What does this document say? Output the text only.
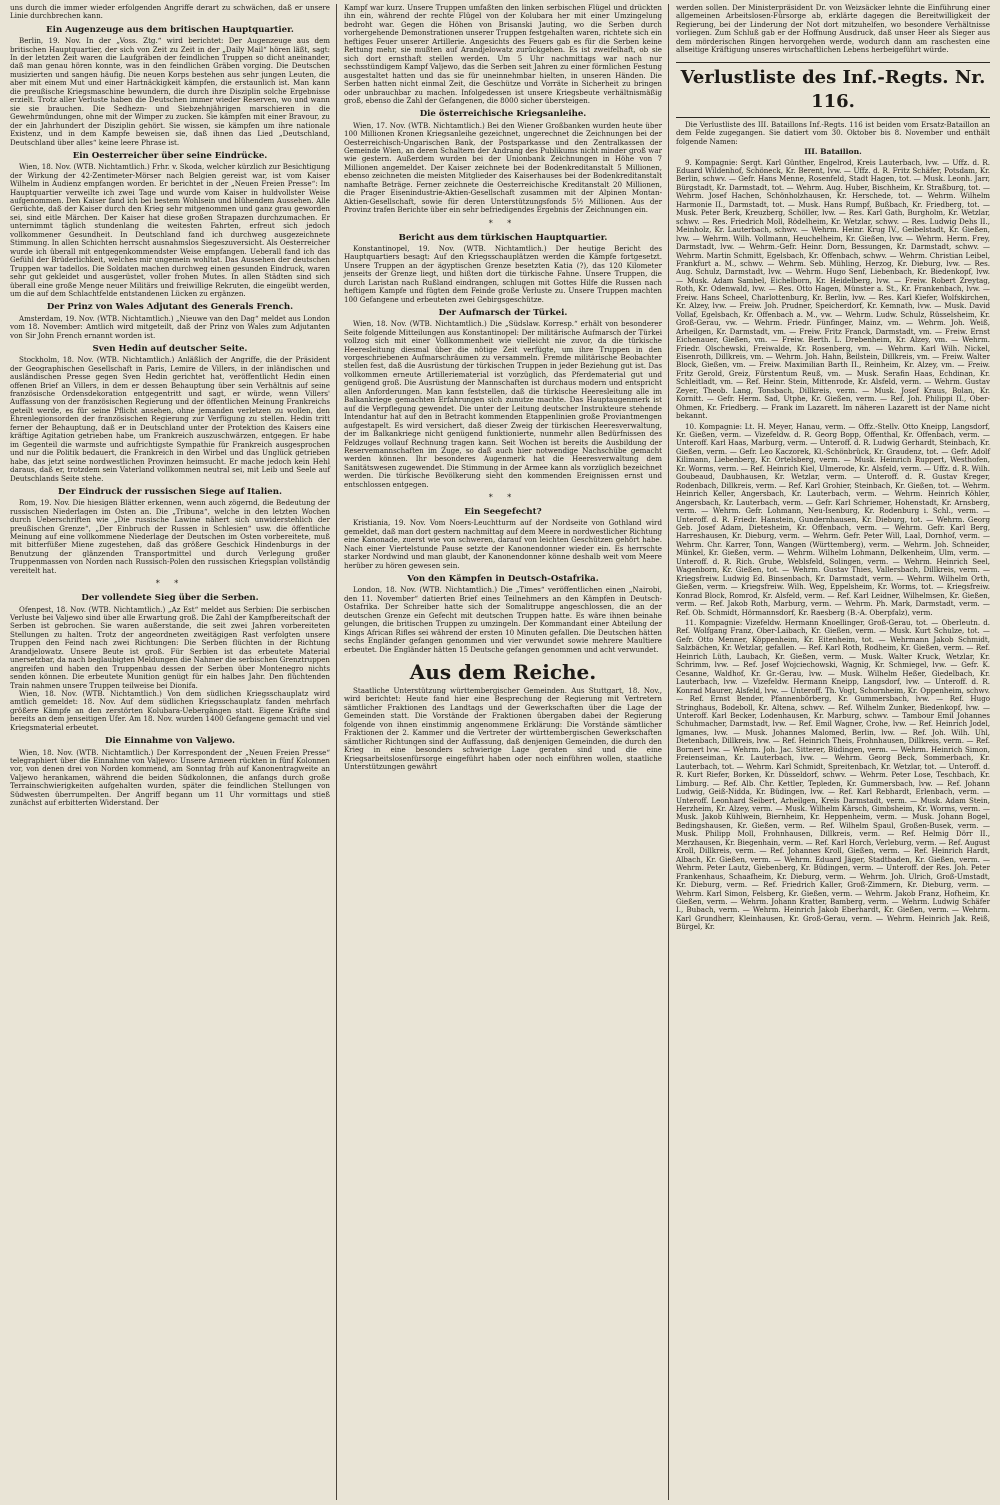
uns durch die immer wieder erfolgenden Angriffe derart zu schwächen, daß er unsere Linie durchbrechen kann.

Ein Augenzeuge aus dem britischen Hauptquartier.

Berlin, 19. Nov. In der „Voss. Ztg.“ wird berichtet: Der Augenzeuge aus dem britischen Hauptquartier, der sich von Zeit zu Zeit in der „Daily Mail“ hören läßt, sagt: In der letzten Zeit waren die Laufgräben der feindlichen Truppen so dicht aneinander, daß man genau hören konnte, was in den feindlichen Gräben vorging. Die Deutschen musizierten und sangen häufig. Die neuen Korps bestehen aus sehr jungen Leuten, die aber mit einem Mut und einer Hartnäckigkeit kämpfen, die erstaunlich ist. Man kann die preußische Kriegsmaschine bewundern, die durch ihre Disziplin solche Ergebnisse erzielt. Trotz aller Verluste haben die Deutschen immer wieder Reserven, wo und wann sie sie brauchen. Die Sedhezn- und Siebzehnjährigen marschieren in die Gewehrmündungen, ohne mit der Wimper zu zucken. Sie kämpfen mit einer Bravour, zu der ein Jahrhundert der Disziplin gehört. Sie wissen, sie kämpfen um ihre nationale Existenz, und in dem Kampfe beweisen sie, daß ihnen das Lied „Deutschland, Deutschland über alles“ keine leere Phrase ist.

Ein Oesterreicher über seine Eindrücke.

Wien, 18. Nov. (WTB. Nichtamtlich.) Frhr. v. Skoda, welcher kürzlich zur Besichtigung der Wirkung der 42-Zentimeter-Mörser nach Belgien gereist war, ist vom Kaiser Wilhelm in Audienz empfangen worden. Er berichtet in der „Neuen Freien Presse“: Im Hauptquartier verweilte ich zwei Tage und wurde vom Kaiser in huldvollster Weise aufgenommen. Den Kaiser fand ich bei bestem Wohlsein und blühendem Aussehen. Alle Gerüchte, daß der Kaiser durch den Krieg sehr mitgenommen und ganz grau geworden sei, sind eitle Märchen. Der Kaiser hat diese großen Strapazen durchzumachen. Er unternimmt täglich stundenlang die weitesten Fahrten, erfreut sich jedoch vollkommener Gesundheit. In Deutschland fand ich durchweg ausgezeichnete Stimmung. In allen Schichten herrscht ausnahmslos Siegeszuversicht. Als Oesterreicher wurde ich überall mit entgegenkommendster Weise empfangen. Ueberall fand ich das Gefühl der Brüderlichkeit, welches mir ungemein wohltat. Das Aussehen der deutschen Truppen war tadellos. Die Soldaten machen durchweg einen gesunden Eindruck, waren sehr gut gekleidet und ausgerüstet, voller frohen Mutes. In allen Städten sind sich überall eine große Menge neuer Militärs und freiwillige Rekruten, die eingeübt werden, um die auf dem Schlachtfelde entstandenen Lücken zu ergänzen.

Der Prinz von Wales Adjutant des Generals French.

Amsterdam, 19. Nov. (WTB. Nichtamtlich.) „Nieuwe van den Dag“ meldet aus London vom 18. November: Amtlich wird mitgeteilt, daß der Prinz von Wales zum Adjutanten von Sir John French ernannt worden ist.

Sven Hedin auf deutscher Seite.

Stockholm, 18. Nov. (WTB. Nichtamtlich.) Anläßlich der Angriffe, die der Präsident der Geographischen Gesellschaft in Paris, Lemire de Villers, in der inländischen und ausländischen Presse gegen Sven Hedin gerichtet hat, veröffentlicht Hedin einen offenen Brief an Villers, in dem er dessen Behauptung über sein Verhältnis auf seine französische Ordensdekoration entgegentritt und sagt, er würde, wenn Villers' Auffassung von der französischen Regierung und der öffentlichen Meinung Frankreichs geteilt werde, es für seine Pflicht ansehen, ohne jemanden verletzen zu wollen, den Ehrenlegionsorden der französischen Regierung zur Verfügung zu stellen. Hedin tritt ferner der Behauptung, daß er in Deutschland unter der Protektion des Kaisers eine kräftige Agitation getrieben habe, um Frankreich auszuschwärzen, entgegen. Er habe im Gegenteil die warmste und aufrichtigste Sympathie für Frankreich ausgesprochen und nur die Politik bedauert, die Frankreich in den Wirbel und das Unglück getrieben habe, das jetzt seine nordwestlichen Provinzen heimsucht. Er mache jedoch kein Hehl daraus, daß er, trotzdem sein Vaterland vollkommen neutral sei, mit Leib und Seele auf Deutschlands Seite stehe.

Der Eindruck der russischen Siege auf Italien.

Rom, 19. Nov. Die hiesigen Blätter erkennen, wenn auch zögernd, die Bedeutung der russischen Niederlagen im Osten an. Die „Tribuna“, welche in den letzten Wochen durch Ueberschriften wie „Die russische Lawine nähert sich unwiderstehlich der preußischen Grenze“, „Der Einbruch der Russen in Schlesien“ usw. die öffentliche Meinung auf eine vollkommene Niederlage der Deutschen im Osten vorbereitete, muß mit bitterfüßer Miene zugestehen, daß das größere Geschick Hindenburgs in der Benutzung der glänzenden Transportmittel und durch Verlegung großer Truppenmassen von Norden nach Russisch-Polen den russischen Kriegsplan vollständig vereitelt hat.

* *
Der vollendete Sieg über die Serben.

Ofenpest, 18. Nov. (WTB. Nichtamtlich.) „Az Est“ meldet aus Serbien: Die serbischen Verluste bei Valjewo sind über alle Erwartung groß. Die Zahl der Kampfbereitschaft der Serben ist gebrochen. Sie waren außerstande, die seit zwei Jahren vorbereiteten Stellungen zu halten. Trotz der angeordneten zweitägigen Rast verfolgten unsere Truppen den Feind nach zwei Richtungen: Die Serben flüchten in der Richtung Arandjelowatz. Unsere Beute ist groß. Für Serbien ist das erbeutete Material unersetzbar, da nach beglaubigten Meldungen die Nahmer die serbischen Grenztruppen angreifen und haben den Truppenbau dessen der Serben über Montenegro nichts senden können. Die erbeutete Munition genügt für ein halbes Jahr. Den flüchtenden Train nahmen unsere Truppen teilweise bei Dionifa.

Wien, 18. Nov. (WTB. Nichtamtlich.) Von dem südlichen Kriegsschauplatz wird amtlich gemeldet: 18. Nov. Auf dem südlichen Kriegsschauplatz fanden mehrfach größere Kämpfe an den zerstörten Kolubara-Uebergängen statt. Eigene Kräfte sind bereits an dem jenseitigen Ufer. Am 18. Nov. wurden 1400 Gefangene gemacht und viel Kriegsmaterial erbeutet.

Die Einnahme von Valjewo.

Wien, 18. Nov. (WTB. Nichtamtlich.) Der Korrespondent der „Neuen Freien Presse“ telegraphiert über die Einnahme von Valjewo: Unsere Armeen rückten in fünf Kolonnen vor, von denen drei von Norden kommend, am Sonntag früh auf Kanonentragweite an Valjewo herankamen, während die beiden Südkolonnen, die anfangs durch große Terrainschwierigkeiten aufgehalten wurden, später die feindlichen Stellungen von Südwesten überrumpelten. Der Angriff begann um 11 Uhr vormittags und stieß zunächst auf erbitterten Widerstand. Der

Kampf war kurz. Unsere Truppen umfaßten den linken serbischen Flügel und drückten ihn ein, während der rechte Flügel von der Kolubara her mit einer Umzingelung bedroht war. Gegen die Höhen von Brisanski Jauting, wo die Serben durch vorhergehende Demonstrationen unserer Truppen festgehalten waren, richtete sich ein heftiges Feuer unserer Artillerie. Angesichts des Feuers gab es für die Serben keine Rettung mehr, sie mußten auf Arandjelowatz zurückgehen. Es ist zweifelhaft, ob sie sich dort ernsthaft stellen werden. Um 5 Uhr nachmittags war nach nur sechsstündigem Kampf Valjewo, das die Serben seit Jahren zu einer förmlichen Festung ausgestaltet hatten und das sie für uneinnehmbar hielten, in unseren Händen. Die Serben hatten nicht einmal Zeit, die Geschütze und Vorräte in Sicherheit zu bringen oder unbrauchbar zu machen. Infolgedessen ist unsere Kriegsbeute verhältnismäßig groß, ebenso die Zahl der Gefangenen, die 8000 sicher übersteigen.

Die österreichische Kriegsanleihe.

Wien, 17. Nov. (WTB. Nichtamtlich.) Bei den Wiener Großbanken wurden heute über 100 Millionen Kronen Kriegsanleihe gezeichnet, ungerechnet die Zeichnungen bei der Oesterreichisch-Ungarischen Bank, der Postsparkasse und den Zentralkassen der Gemeinde Wien, an deren Schaltern der Andrang des Publikums nicht minder groß war wie gestern. Außerdem wurden bei der Unionbank Zeichnungen in Höhe von 7 Millionen angemeldet. Der Kaiser zeichnete bei der Bodenkreditanstalt 5 Millionen, ebenso zeichneten die meisten Mitglieder des Kaiserhauses bei der Bodenkreditanstalt namhafte Beträge. Ferner zeichnete die Oesterreichische Kreditanstalt 20 Millionen, die Prager Eisenindustrie-Aktien-Gesellschaft zusammen mit der Alpinen Montan-Aktien-Gesellschaft, sowie für deren Unterstützungsfonds 5½ Millionen. Aus der Provinz trafen Berichte über ein sehr befriedigendes Ergebnis der Zeichnungen ein.

* *
Bericht aus dem türkischen Hauptquartier.

Konstantinopel, 19. Nov. (WTB. Nichtamtlich.) Der heutige Bericht des Hauptquartiers besagt: Auf den Kriegsschauplätzen werden die Kämpfe fortgesetzt. Unsere Truppen an der ägyptischen Grenze besetzten Katia (?), das 120 Kilometer jenseits der Grenze liegt, und hißten dort die türkische Fahne. Unsere Truppen, die durch Laristan nach Rußland eindrangen, schlugen mit Gottes Hilfe die Russen nach heftigem Kampfe und fügten dem Feinde große Verluste zu. Unsere Truppen machten 100 Gefangene und erbeuteten zwei Gebirgsgeschütze.

Der Aufmarsch der Türkei.

Wien, 18. Nov. (WTB. Nichtamtlich.) Die „Südslaw. Korresp.“ erhält von besonderer Seite folgende Mitteilungen aus Konstantinopel: Der militärische Aufmarsch der Türkei vollzog sich mit einer Vollkommenheit wie vielleicht nie zuvor, da die türkische Heeresleitung diesmal über die nötige Zeit verfügte, um ihre Truppen in den vorgeschriebenen Aufmarschräumen zu versammeln. Fremde militärische Beobachter stellen fest, daß die Ausrüstung der türkischen Truppen in jeder Beziehung gut ist. Das vollkommen erneute Artilleriematerial ist vorzüglich, das Pferdematerial gut und genügend groß. Die Ausrüstung der Mannschaften ist durchaus modern und entspricht allen Anforderungen. Man kann feststellen, daß die türkische Heeresleitung alle im Balkankriege gemachten Erfahrungen sich zunutze machte. Das Hauptaugenmerk ist auf die Verpflegung gewendet. Die unter der Leitung deutscher Instrukteure stehende Intendantur hat auf den in Betracht kommenden Etappenlinien große Proviantmengen aufgestapelt. Es wird versichert, daß dieser Zweig der türkischen Heeresverwaltung, der im Balkankriege nicht genügend funktionierte, nunmehr allen Bedürfnissen des Feldzuges vollauf Rechnung tragen kann. Seit Wochen ist bereits die Ausbildung der Reservemannschaften im Zuge, so daß auch hier notwendige Nachschübe gemacht werden können. Ihr besonderes Augenmerk hat die Heeresverwaltung dem Sanitätswesen zugewendet. Die Stimmung in der Armee kann als vorzüglich bezeichnet werden. Die türkische Bevölkerung sieht den kommenden Ereignissen ernst und entschlossen entgegen.

* *
Ein Seegefecht?

Kristiania, 19. Nov. Vom Noers-Leuchtturm auf der Nordseite von Gothland wird gemeldet, daß man dort gestern nachmittag auf dem Meere in nordwestlicher Richtung eine Kanonade, zuerst wie von schweren, darauf von leichten Geschützen gehört habe. Nach einer Viertelstunde Pause setzte der Kanonendonner wieder ein. Es herrschte starker Nordwind und man glaubt, der Kanonendonner könne deshalb weit vom Meere herüber zu hören gewesen sein.

Von den Kämpfen in Deutsch-Ostafrika.

London, 18. Nov. (WTB. Nichtamtlich.) Die „Times“ veröffentlichen einen „Nairobi, den 11. November“ datierten Brief eines Teilnehmers an den Kämpfen in Deutsch-Ostafrika. Der Schreiber hatte sich der Somalitruppe angeschlossen, die an der deutschen Grenze ein Gefecht mit deutschen Truppen hatte. Es wäre ihnen beinahe gelungen, die britischen Truppen zu umzingeln. Der Kommandant einer Abteilung der Kings African Rifles sei während der ersten 10 Minuten gefallen. Die Deutschen hätten sechs Engländer gefangen genommen und vier verwundet sowie mehrere Maultiere erbeutet. Die Engländer hätten 15 Deutsche gefangen genommen und acht verwundet.

Aus dem Reiche.

Staatliche Unterstützung württembergischer Gemeinden. Aus Stuttgart, 18. Nov., wird berichtet: Heute fand hier eine Besprechung der Regierung mit Vertretern sämtlicher Fraktionen des Landtags und der Gewerkschaften über die Lage der Gemeinden statt. Die Vorstände der Fraktionen übergaben dabei der Regierung folgende von ihnen einstimmig angenommene Erklärung: Die Vorstände sämtlicher Fraktionen der 2. Kammer und die Vertreter der württembergischen Gewerkschaften sämtlicher Richtungen sind der Auffassung, daß denjenigen Gemeinden, die durch den Krieg in eine besonders schwierige Lage geraten sind und die eine Kriegsarbeitslosenfürsorge eingeführt haben oder noch einführen wollen, staatliche Unterstützungen gewährt

werden sollen. Der Ministerpräsident Dr. von Weizsäcker lehnte die Einführung einer allgemeinen Arbeitslosen-Fürsorge ab, erklärte dagegen die Bereitwilligkeit der Regierung, bei der Linderung der Not dort mitzuhelfen, wo besondere Verhältnisse vorliegen. Zum Schluß gab er der Hoffnung Ausdruck, daß unser Heer als Sieger aus dem mörderischen Ringen hervorgehen werde, wodurch dann am raschesten eine allseitige Kräftigung unseres wirtschaftlichen Lebens herbeigeführt würde.

Verlustliste des Inf.-Regts. Nr. 116.

Die Verlustliste des III. Bataillons Inf.-Regts. 116 ist beiden vom Ersatz-Bataillon an dem Felde zugegangen. Sie datiert vom 30. Oktober bis 8. November und enthält folgende Namen:

III. Bataillon.

9. Kompagnie: Sergt. Karl Günther, Engelrod, Kreis Lauterbach, lvw. — Uffz. d. R. Eduard Wildenhof, Schöneck, Kr. Berent, lvw. — Uffz. d. R. Fritz Schäfer, Potsdam, Kr. Berlin, schwv. — Gefr. Hans Menne, Rosenfeld, Stadt Hagen, tot. — Musk. Leonh. Jarr, Bürgstadt, Kr. Darmstadt, tot. — Wehrm. Aug. Huber, Bischheim, Kr. Straßburg, tot. — Wehrm. Josef Hachen, Schönholzhausen, Kr. Herschede, tot. — Wehrm. Wilhelm Harmonie II., Darmstadt, tot. — Musk. Hans Rumpf, Bußbach, Kr. Friedberg, tot. — Musk. Peter Berk, Kreuzberg, Schöller, lvw. — Res. Karl Gath, Burgholm, Kr. Wetzlar, schwv. — Res. Friedrich Moll, Rödelheim, Kr. Wetzlar, schwv. — Res. Ludwig Dehs II., Meinholz, Kr. Lauterbach, schwv. — Wehrm. Heinr. Krug IV., Geibelstadt, Kr. Gießen, lvw. — Wehrm. Wilh. Vollmann, Heuchelheim, Kr. Gießen, lvw. — Wehrm. Herm. Frey, Darmstadt, lvw. — Wehrm.-Gefr. Heinr. Dorn, Bessungen, Kr. Darmstadt, schwv. — Wehrm. Martin Schmitt, Egelsbach, Kr. Offenbach, schwv. — Wehrm. Christian Leibel, Frankfurt a. M., schwv. — Wehrm. Seb. Mühling, Herzog, Kr. Dieburg, lvw. — Res. Aug. Schulz, Darmstadt, lvw. — Wehrm. Hugo Senf, Liebenbach, Kr. Biedenkopf, lvw. — Musk. Adam Sambel, Eichelborn, Kr. Heidelberg, lvw. — Freiw. Robert Zreytag, Roth, Kr. Odenwald, lvw. — Res. Otto Hagen, Münster a. St., Kr. Frankenbach, lvw. — Freiw. Hans Scheel, Charlottenburg, Kr. Berlin, lvw. — Res. Karl Kiefer, Wolfskirchen, Kr. Alzey, lvw. — Freiw. Joh. Prudner, Speicherdorf, Kr. Kemnath, lvw. — Musk. David Vollaf, Egelsbach, Kr. Offenbach a. M., vw. — Wehrm. Ludw. Schulz, Rüsselsheim, Kr. Groß-Gerau, vw. — Wehrm. Friedr. Fünfinger, Mainz, vm. — Wehrm. Joh. Weiß, Arheilgen, Kr. Darmstadt, vm. — Freiw. Fritz Franck, Darmstadt, vm. — Freiw. Ernst Eichenauer, Gießen, vm. — Freiw. Berth. L. Drebenheim, Kr. Alzey, vm. — Wehrm. Friedr. Olschewski, Freiwalde, Kr. Rosenberg, vm. — Wehrm. Karl Wilh. Nickel, Eisenroth, Dillkreis, vm. — Wehrm. Joh. Hahn, Beilstein, Dillkreis, vm. — Freiw. Walter Block, Gießen, vm. — Freiw. Maximilian Barth II., Reinheim, Kr. Alzey, vm. — Freiw. Fritz Gerold, Greiz, Fürstentum Reuß, vm. — Musk. Serafin Haas, Echdinan, Kr. Schleitladt, vm. — Ref. Heinr. Stein, Mittenrode, Kr. Alsfeld, verm. — Wehrm. Gustav Zeyer, Theob. Lang, Tonsbach, Dillkreis, verm. — Musk. Josef Kraus, Bolan, Kr. Kornitt. — Gefr. Herm. Sad, Utphe, Kr. Gießen, verm. — Ref. Joh. Philippi II., Ober-Ohmen, Kr. Friedberg. — Frank im Lazarett. Im näheren Lazarett ist der Name nicht bekannt.

10. Kompagnie: Lt. H. Meyer, Hanau, verm. — Offz.-Stellv. Otto Kneipp, Langsdorf, Kr. Gießen, verm. — Vizefeldw. d. R. Georg Bopp, Offenthal, Kr. Offenbach, verm. — Unteroff. Karl Haas, Marburg, verm. — Unteroff. d. R. Ludwig Gerhardt, Steinbach, Kr. Gießen, verm. — Gefr. Leo Kaczorek, Kl.-Schönbrück, Kr. Graudenz, tot. — Gefr. Adolf Kilimann, Liebenberg, Kr. Ortelsberg, verm. — Musk. Heinrich Ruppert, Westhofen, Kr. Worms, verm. — Ref. Heinrich Kiel, Ulmerode, Kr. Alsfeld, verm. — Uffz. d. R. Wilh. Goubeaud, Daubhausen, Kr. Wetzlar, verm. — Unteroff. d. R. Gustav Kreger, Rodenbach, Dillkreis, verm. — Ref. Karl Grohier, Steinbach, Kr. Gießen, tot. — Wehrm. Heinrich Keller, Angersbach, Kr. Lauterbach, verm. — Wehrm. Heinrich Köhler, Angersbach, Kr. Lauterbach, verm. — Gefr. Karl Schriemer, Hohenstadt, Kr. Arnsberg, verm. — Wehrm. Gefr. Lohmann, Neu-Isenburg, Kr. Rodenburg i. Schl., verm. — Unteroff. d. R. Friedr. Hanstein, Gundernhausen, Kr. Dieburg, tot. — Wehrm. Georg Geb. Josef Adam, Dietesheim, Kr. Offenbach, verm. — Wehrm. Gefr. Karl Berg, Harreshausen, Kr. Dieburg, verm. — Wehrm. Gefr. Peter Will, Laal, Dornhof, verm. — Wehrm. Chr. Karrer, Tonn, Wangen (Württemberg), verm. — Wehrm. Joh. Schneider, Münkel, Kr. Gießen, verm. — Wehrm. Wilhelm Lohmann, Delkenheim, Ulm, verm. — Unteroff. d. R. Rich. Grube, Weblsfeld, Solingen, verm. — Wehrm. Heinrich Seel, Wagenborn, Kr. Gießen, tot. — Wehrm. Gustav Thies, Vallersbach, Dillkreis, verm. — Kriegsfreiw. Ludwig Ed. Binsenbach, Kr. Darmstadt, verm. — Wehrm. Wilhelm Orth, Gießen, verm. — Kriegsfreiw. Wilh. Weg, Eppelsheim, Kr. Worms, tot. — Kriegsfreiw. Konrad Block, Romrod, Kr. Alsfeld, verm. — Ref. Karl Leidner, Wilhelmsen, Kr. Gießen, verm. — Ref. Jakob Roth, Marburg, verm. — Wehrm. Ph. Mark, Darmstadt, verm. — Ref. Ob. Schmidt, Hörmannsdorf, Kr. Raesberg (B.-A. Oberpfalz), verm.

11. Kompagnie: Vizefeldw. Hermann Knoellinger, Groß-Gerau, tot. — Oberleutn. d. Ref. Wolfgang Franz, Ober-Laibach, Kr. Gießen, verm. — Musk. Kurt Schulze, tot. — Gefr. Otto Menner, Köppenheim, Kr. Eitenheim, tot. — Wehrmann Jakob Schmidt, Salzbächen, Kr. Wetzlar, gefallen. — Ref. Karl Roth, Rodheim, Kr. Gießen, verm. — Ref. Heinrich Lüth, Laubach, Kr. Gießen, verm. — Musk. Walter Kruck, Wetzlar, Kr. Schrimm, lvw. — Ref. Josef Wojciechowski, Wagnig, Kr. Schmiegel, lvw. — Gefr. K. Cesanne, Waldhof, Kr. Gr.-Gerau, lvw. — Musk. Wilhelm Heßer, Giedelbach, Kr. Lauterbach, lvw. — Vizefeldw. Hermann Kneipp, Langsdorf, lvw. — Unteroff. d. R. Konrad Maurer, Alsfeld, lvw. — Unteroff. Th. Vogt, Schornheim, Kr. Oppenheim, schwv. — Ref. Ernst Bender, Pfannenbörberg, Kr. Gummersbach, lvw. — Ref. Hugo Stringhaus, Bodeboll, Kr. Altena, schwv. — Ref. Wilhelm Zunker, Biedenkopf, lvw. — Unteroff. Karl Becker, Lodenhausen, Kr. Marburg, schwv. — Tambour Emil Johannes Schuhmacher, Darmstadt, lvw. — Ref. Emil Wagner, Crohe, lvw. — Ref. Heinrich Jodel, Igmanes, lvw. — Musk. Johannes Malomed, Berlin, lvw. — Ref. Joh. Wilh. Uhl, Dietenbach, Dillkreis, lvw. — Ref. Heinrich Theis, Frohnhausen, Dillkreis, verm. — Ref. Bornert lvw. — Wehrm. Joh. Jac. Sitterer, Büdingen, verm. — Wehrm. Heinrich Simon, Freienseiman, Kr. Lauterbach, lvw. — Wehrm. Georg Beck, Sommerbach, Kr. Lauterbach, tot. — Wehrm. Karl Schmidt, Spreitenbach, Kr. Wetzlar, tot. — Unteroff. d. R. Kurt Riefer, Borken, Kr. Düsseldorf, schwv. — Wehrm. Peter Lose, Teschbach, Kr. Limburg. — Ref. Alb. Chr. Kettler, Tepleden, Kr. Gummersbach, lvw. — Ref. Johann Ludwig, Geiß-Nidda, Kr. Büdingen, lvw. — Ref. Karl Rebhardt, Erlenbach, verm. — Unteroff. Leonhard Seibert, Arheilgen, Kreis Darmstadt, verm. — Musk. Adam Stein, Herzheim, Kr. Alzey, verm. — Musk. Wilhelm Kärsch, Gimbsheim, Kr. Worms, verm. — Musk. Jakob Kühlwein, Biernheim, Kr. Heppenheim, verm. — Musk. Johann Bogel, Bedingshausen, Kr. Gießen, verm. — Ref. Wilhelm Spaul, Großen-Busek, verm. — Musk. Philipp Moll, Frohnhausen, Dillkreis, verm. — Ref. Helmig Dörr II., Merzhausen, Kr. Biegenhain, verm. — Ref. Karl Horch, Verleburg, verm. — Ref. August Kroll, Dillkreis, verm. — Ref. Johannes Kroll, Gießen, verm. — Ref. Heinrich Hardt, Albach, Kr. Gießen, verm. — Wehrm. Eduard Jäger, Stadtbaden, Kr. Gießen, verm. — Wehrm. Peter Lautz, Giebenberg, Kr. Büdingen, verm. — Unteroff. der Res. Joh. Peter Frankenhaus, Schaafheim, Kr. Dieburg, verm. — Wehrm. Joh. Ulrich, Groß-Umstadt, Kr. Dieburg, verm. — Ref. Friedrich Kaller, Groß-Zimmern, Kr. Dieburg, verm. — Wehrm. Karl Simon, Felsberg, Kr. Gießen, verm. — Wehrm. Jakob Franz, Hofheim, Kr. Gießen, verm. — Wehrm. Johann Kratter, Bamberg, verm. — Wehrm. Ludwig Schäfer I., Bubach, verm. — Wehrm. Heinrich Jakob Eberhardt, Kr. Gießen, verm. — Wehrm. Karl Grundherr, Kleinhausen, Kr. Groß-Gerau, verm. — Wehrm. Heinrich Jak. Reiß, Bürgel, Kr.
